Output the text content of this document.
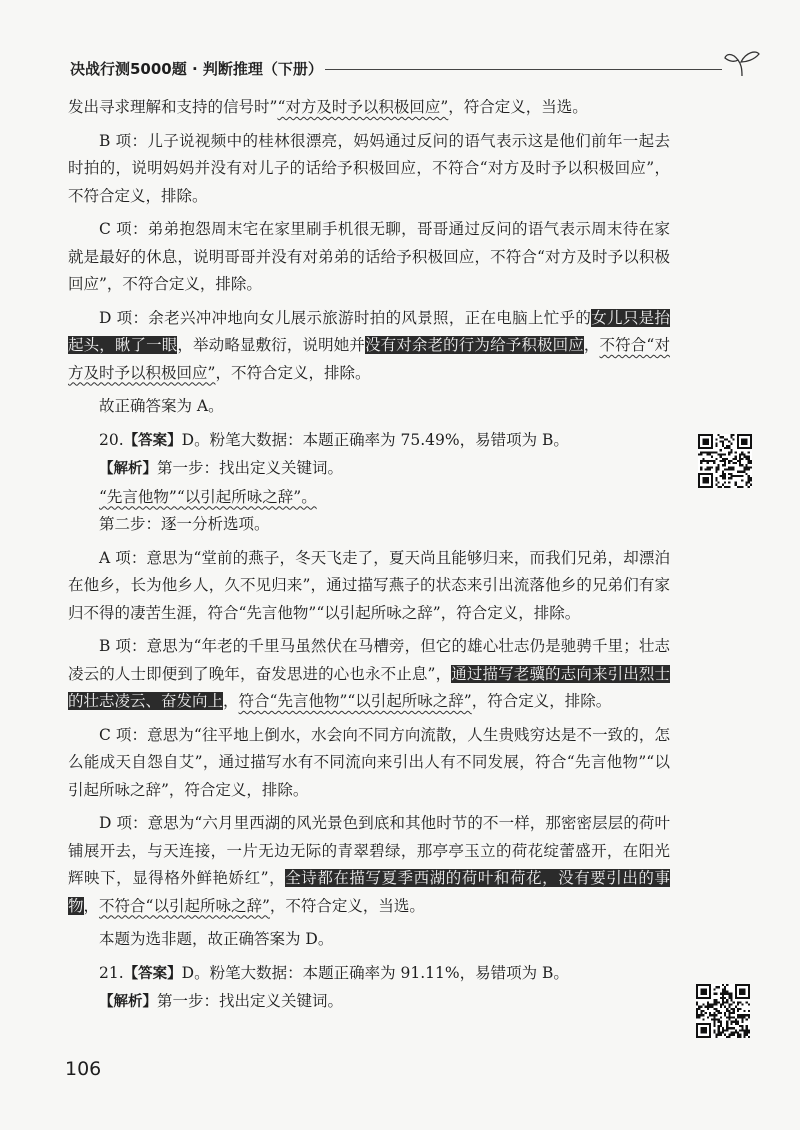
决战行测5000题 · 判断推理（下册）

发出寻求理解和支持的信号时”“对方及时予以积极回应”，符合定义，当选。

B 项：儿子说视频中的桂林很漂亮，妈妈通过反问的语气表示这是他们前年一起去时拍的，说明妈妈并没有对儿子的话给予积极回应，不符合“对方及时予以积极回应”，不符合定义，排除。

C 项：弟弟抱怨周末宅在家里刷手机很无聊，哥哥通过反问的语气表示周末待在家就是最好的休息，说明哥哥并没有对弟弟的话给予积极回应，不符合“对方及时予以积极回应”，不符合定义，排除。

D 项：余老兴冲冲地向女儿展示旅游时拍的风景照，正在电脑上忙乎的女儿只是抬起头，瞅了一眼，举动略显敷衍，说明她并没有对余老的行为给予积极回应，不符合“对方及时予以积极回应”，不符合定义，排除。

故正确答案为 A。

20.【答案】D。粉笔大数据：本题正确率为 75.49%，易错项为 B。

【解析】第一步：找出定义关键词。

“先言他物”“以引起所咏之辞”。

第二步：逐一分析选项。

A 项：意思为“堂前的燕子，冬天飞走了，夏天尚且能够归来，而我们兄弟，却漂泊在他乡，长为他乡人，久不见归来”，通过描写燕子的状态来引出流落他乡的兄弟们有家归不得的凄苦生涯，符合“先言他物”“以引起所咏之辞”，符合定义，排除。

B 项：意思为“年老的千里马虽然伏在马槽旁，但它的雄心壮志仍是驰骋千里；壮志凌云的人士即便到了晚年，奋发思进的心也永不止息”，通过描写老骥的志向来引出烈士的壮志凌云、奋发向上，符合“先言他物”“以引起所咏之辞”，符合定义，排除。

C 项：意思为“往平地上倒水，水会向不同方向流散，人生贵贱穷达是不一致的，怎么能成天自怨自艾”，通过描写水有不同流向来引出人有不同发展，符合“先言他物”“以引起所咏之辞”，符合定义，排除。

D 项：意思为“六月里西湖的风光景色到底和其他时节的不一样，那密密层层的荷叶铺展开去，与天连接，一片无边无际的青翠碧绿，那亭亭玉立的荷花绽蕾盛开，在阳光辉映下，显得格外鲜艳娇红”，全诗都在描写夏季西湖的荷叶和荷花，没有要引出的事物，不符合“以引起所咏之辞”，不符合定义，当选。

本题为选非题，故正确答案为 D。

21.【答案】D。粉笔大数据：本题正确率为 91.11%，易错项为 B。

【解析】第一步：找出定义关键词。

106
